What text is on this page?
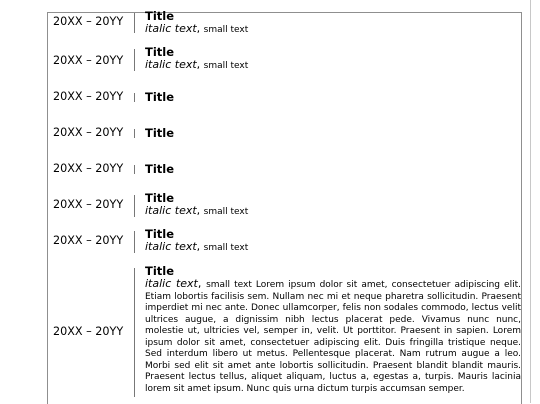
20XX – 20YY Title
italic text, small text
20XX – 20YY
Title
italic text, small text
20XX – 20YY Title
20XX – 20YY Title
20XX – 20YY Title
20XX – 20YY Title
italic text, small text
20XX – 20YY Title
italic text, small text
20XX – 20YY
Title
italic text, small text Lorem ipsum dolor sit amet, consectetuer adipiscing elit. Etiam lobortis facilisis sem. Nullam nec mi et neque pharetra sollicitudin. Praesent imperdiet mi nec ante. Donec ullamcorper, felis non sodales commodo, lectus velit ultrices augue, a dignissim nibh lectus placerat pede. Vivamus nunc nunc, molestie ut, ultricies vel, semper in, velit. Ut porttitor. Praesent in sapien. Lorem ipsum dolor sit amet, consectetuer adipiscing elit. Duis fringilla tristique neque. Sed interdum libero ut metus. Pellentesque placerat. Nam rutrum augue a leo. Morbi sed elit sit amet ante lobortis sollicitudin. Praesent blandit blandit mauris. Praesent lectus tellus, aliquet aliquam, luctus a, egestas a, turpis. Mauris lacinia lorem sit amet ipsum. Nunc quis urna dictum turpis accumsan semper.
